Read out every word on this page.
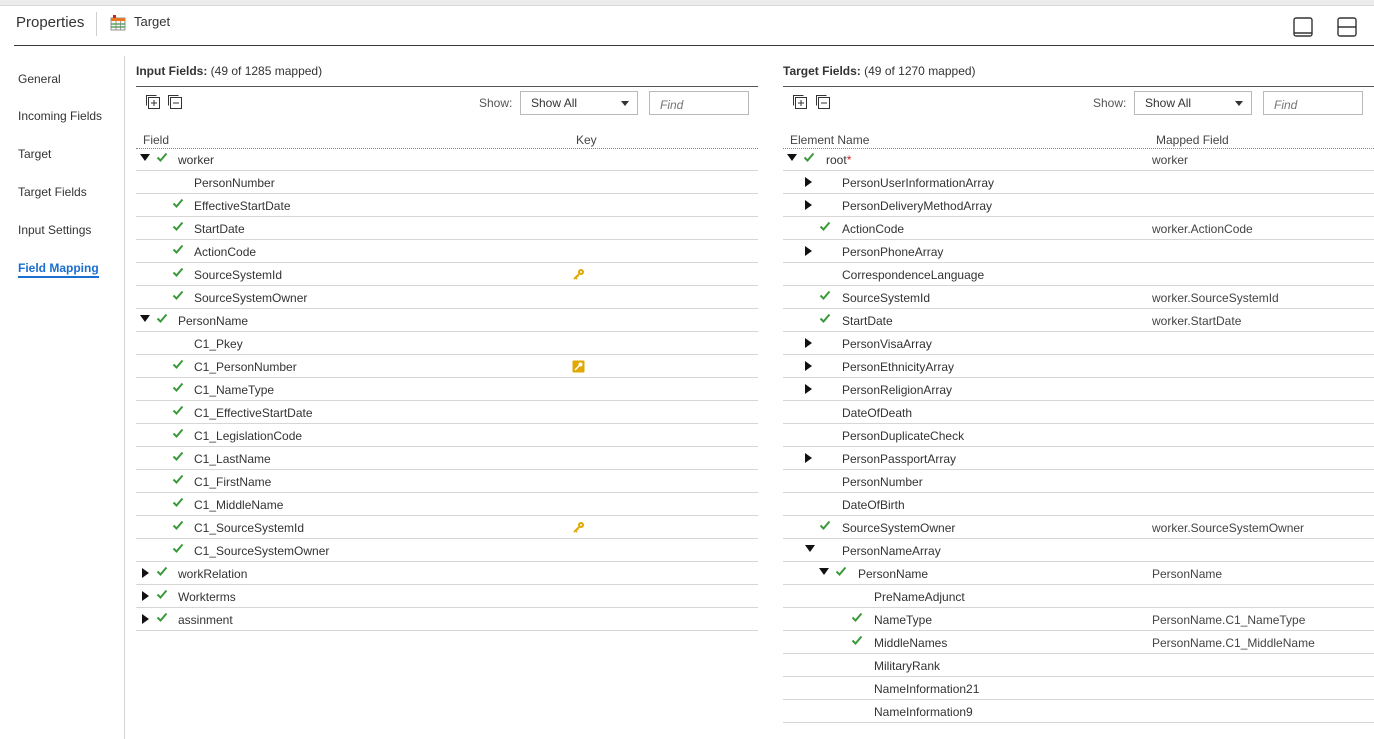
Properties	Target
General
Incoming Fields
Target
Target Fields
Input Settings
Field Mapping
Input Fields: (49 of 1285 mapped)
Show:	Show All
Find
Field	Key
worker
PersonNumber
EffectiveStartDate
StartDate
ActionCode
SourceSystemId
SourceSystemOwner
PersonName
C1_Pkey
C1_PersonNumber
C1_NameType
C1_EffectiveStartDate
C1_LegislationCode
C1_LastName
C1_FirstName
C1_MiddleName
C1_SourceSystemId
C1_SourceSystemOwner
workRelation
Workterms
assinment
Target Fields: (49 of 1270 mapped)
Show:	Show All
Find
Element Name	Mapped Field
root*	worker
PersonUserInformationArray
PersonDeliveryMethodArray
ActionCode	worker.ActionCode
PersonPhoneArray
CorrespondenceLanguage
SourceSystemId	worker.SourceSystemId
StartDate	worker.StartDate
PersonVisaArray
PersonEthnicityArray
PersonReligionArray
DateOfDeath
PersonDuplicateCheck
PersonPassportArray
PersonNumber
DateOfBirth
SourceSystemOwner	worker.SourceSystemOwner
PersonNameArray
PersonName	PersonName
PreNameAdjunct
NameType	PersonName.C1_NameType
MiddleNames	PersonName.C1_MiddleName
MilitaryRank
NameInformation21
NameInformation9
